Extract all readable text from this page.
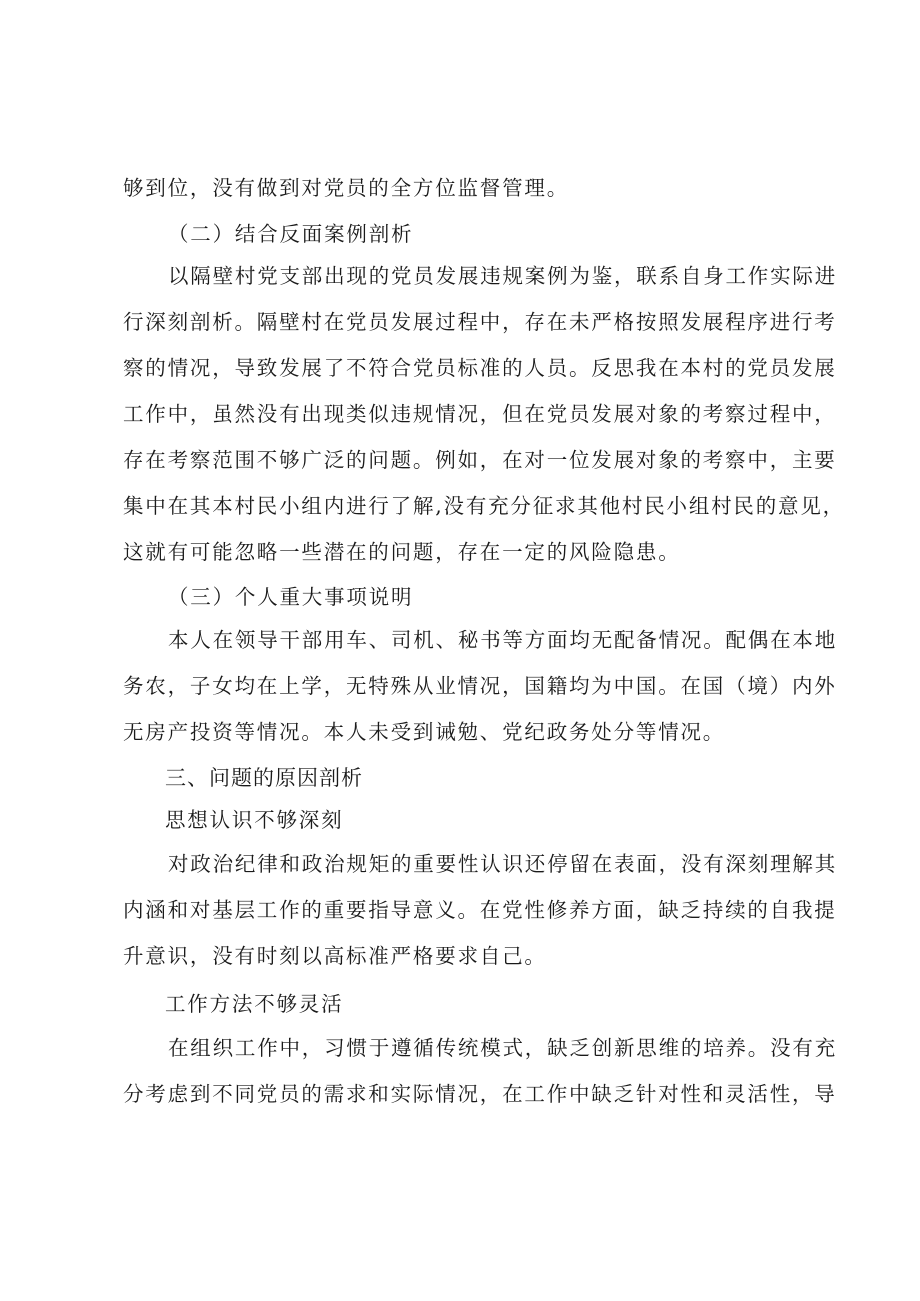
够到位，没有做到对党员的全方位监督管理。
（二）结合反面案例剖析
以隔壁村党支部出现的党员发展违规案例为鉴，联系自身工作实际进
行深刻剖析。隔壁村在党员发展过程中，存在未严格按照发展程序进行考
察的情况，导致发展了不符合党员标准的人员。反思我在本村的党员发展
工作中，虽然没有出现类似违规情况，但在党员发展对象的考察过程中，
存在考察范围不够广泛的问题。例如，在对一位发展对象的考察中，主要
集中在其本村民小组内进行了解,没有充分征求其他村民小组村民的意见，
这就有可能忽略一些潜在的问题，存在一定的风险隐患。
（三）个人重大事项说明
本人在领导干部用车、司机、秘书等方面均无配备情况。配偶在本地
务农，子女均在上学，无特殊从业情况，国籍均为中国。在国（境）内外
无房产投资等情况。本人未受到诫勉、党纪政务处分等情况。
三、问题的原因剖析
思想认识不够深刻
对政治纪律和政治规矩的重要性认识还停留在表面，没有深刻理解其
内涵和对基层工作的重要指导意义。在党性修养方面，缺乏持续的自我提
升意识，没有时刻以高标准严格要求自己。
工作方法不够灵活
在组织工作中，习惯于遵循传统模式，缺乏创新思维的培养。没有充
分考虑到不同党员的需求和实际情况，在工作中缺乏针对性和灵活性，导
